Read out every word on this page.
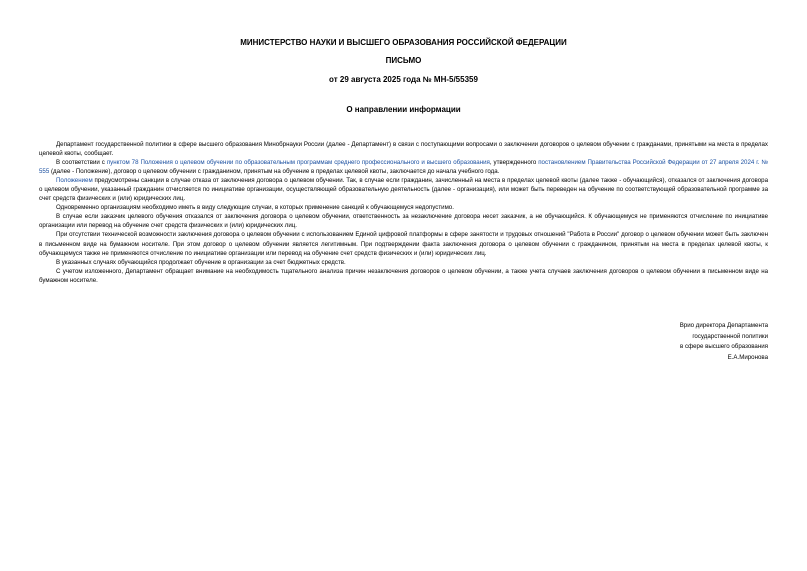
МИНИСТЕРСТВО НАУКИ И ВЫСШЕГО ОБРАЗОВАНИЯ РОССИЙСКОЙ ФЕДЕРАЦИИ
ПИСЬМО
от 29 августа 2025 года № МН-5/55359
О направлении информации

Департамент государственной политики в сфере высшего образования Минобрнауки России (далее - Департамент) в связи с поступающими вопросами о заключении договоров о целевом обучении с гражданами, принятыми на места в пределах целевой квоты, сообщает.

В соответствии с пунктом 78 Положения о целевом обучении по образовательным программам среднего профессионального и высшего образования, утвержденного постановлением Правительства Российской Федерации от 27 апреля 2024 г. № 555 (далее - Положение), договор о целевом обучении с гражданином, принятым на обучение в пределах целевой квоты, заключается до начала учебного года.

Положением предусмотрены санкции в случае отказа от заключения договора о целевом обучении. Так, в случае если гражданин, зачисленный на места в пределах целевой квоты (далее также - обучающийся), отказался от заключения договора о целевом обучении, указанный гражданин отчисляется по инициативе организации, осуществляющей образовательную деятельность (далее - организация), или может быть переведен на обучение по соответствующей образовательной программе за счет средств физических и (или) юридических лиц.

Одновременно организациям необходимо иметь в виду следующие случаи, в которых применение санкций к обучающемуся недопустимо.

В случае если заказчик целевого обучения отказался от заключения договора о целевом обучении, ответственность за незаключение договора несет заказчик, а не обучающийся. К обучающемуся не применяются отчисление по инициативе организации или перевод на обучение счет средств физических и (или) юридических лиц.

При отсутствии технической возможности заключения договора о целевом обучении с использованием Единой цифровой платформы в сфере занятости и трудовых отношений "Работа в России" договор о целевом обучении может быть заключен в письменном виде на бумажном носителе. При этом договор о целевом обучении является легитимным. При подтверждении факта заключения договора о целевом обучении с гражданином, принятым на места в пределах целевой квоты, к обучающемуся также не применяются отчисление по инициативе организации или перевод на обучение счет средств физических и (или) юридических лиц.

В указанных случаях обучающийся продолжает обучение в организации за счет бюджетных средств.

С учетом изложенного, Департамент обращает внимание на необходимость тщательного анализа причин незаключения договоров о целевом обучении, а также учета случаев заключения договоров о целевом обучении в письменном виде на бумажном носителе.

Врио директора Департамента
государственной политики
в сфере высшего образования
Е.А.Миронова
